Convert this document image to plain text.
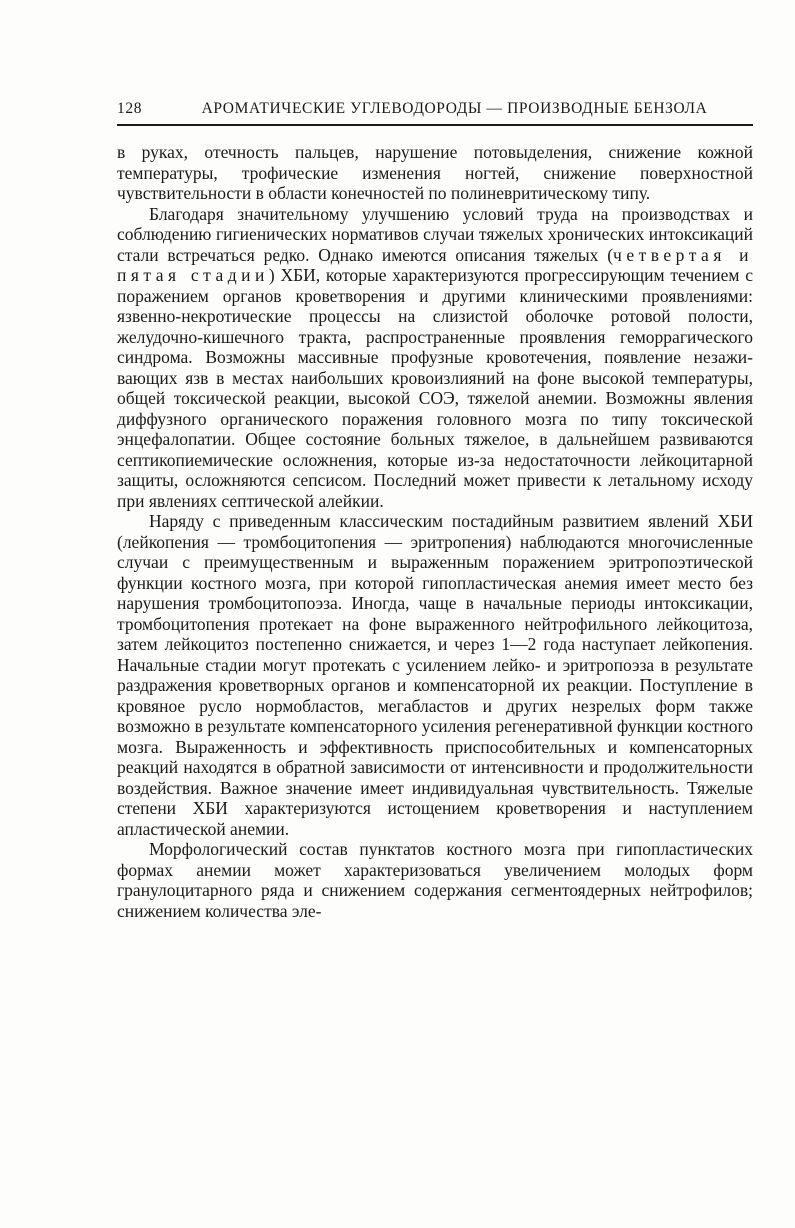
128	АРОМАТИЧЕСКИЕ УГЛЕВОДОРОДЫ — ПРОИЗВОДНЫЕ БЕНЗОЛА

в руках, отечность пальцев, нарушение потовыделения, снижение кожной температуры, трофические изменения ногтей, снижение поверхностной чувствительности в области конечностей по полиневритическому типу.

Благодаря значительному улучшению условий труда на производствах и соблюдению гигиенических нормативов случаи тяжелых хронических интоксикаций стали встречаться редко. Однако имеются описания тяжелых (четвертая и пятая стадии) ХБИ, которые характеризуются прогрессирующим течением с поражением органов кроветворения и другими клиническими проявлениями: язвенно-некротические процессы на слизистой оболочке ротовой полости, желудочно-кишечного тракта, распространенные проявления геморрагического синдрома. Возможны массивные профузные кровотечения, появление незаживающих язв в местах наибольших кровоизлияний на фоне высокой температуры, общей токсической реакции, высокой СОЭ, тяжелой анемии. Возможны явления диффузного органического поражения головного мозга по типу токсической энцефалопатии. Общее состояние больных тяжелое, в дальнейшем развиваются септикопиемические осложнения, которые из-за недостаточности лейкоцитарной защиты, осложняются сепсисом. Последний может привести к летальному исходу при явлениях септической алейкии.

Наряду с приведенным классическим постадийным развитием явлений ХБИ (лейкопения — тромбоцитопения — эритропения) наблюдаются многочисленные случаи с преимущественным и выраженным поражением эритропоэтической функции костного мозга, при которой гипопластическая анемия имеет место без нарушения тромбоцитопоэза. Иногда, чаще в начальные периоды интоксикации, тромбоцитопения протекает на фоне выраженного нейтрофильного лейкоцитоза, затем лейкоцитоз постепенно снижается, и через 1—2 года наступает лейкопения. Начальные стадии могут протекать с усилением лейко- и эритропоэза в результате раздражения кроветворных органов и компенсаторной их реакции. Поступление в кровяное русло нормобластов, мегабластов и других незрелых форм также возможно в результате компенсаторного усиления регенеративной функции костного мозга. Выраженность и эффективность приспособительных и компенсаторных реакций находятся в обратной зависимости от интенсивности и продолжительности воздействия. Важное значение имеет индивидуальная чувствительность. Тяжелые степени ХБИ характеризуются истощением кроветворения и наступлением апластической анемии.

Морфологический состав пунктатов костного мозга при гипопластических формах анемии может характеризоваться увеличением молодых форм гранулоцитарного ряда и снижением содержания сегментоядерных нейтрофилов; снижением количества эле-
